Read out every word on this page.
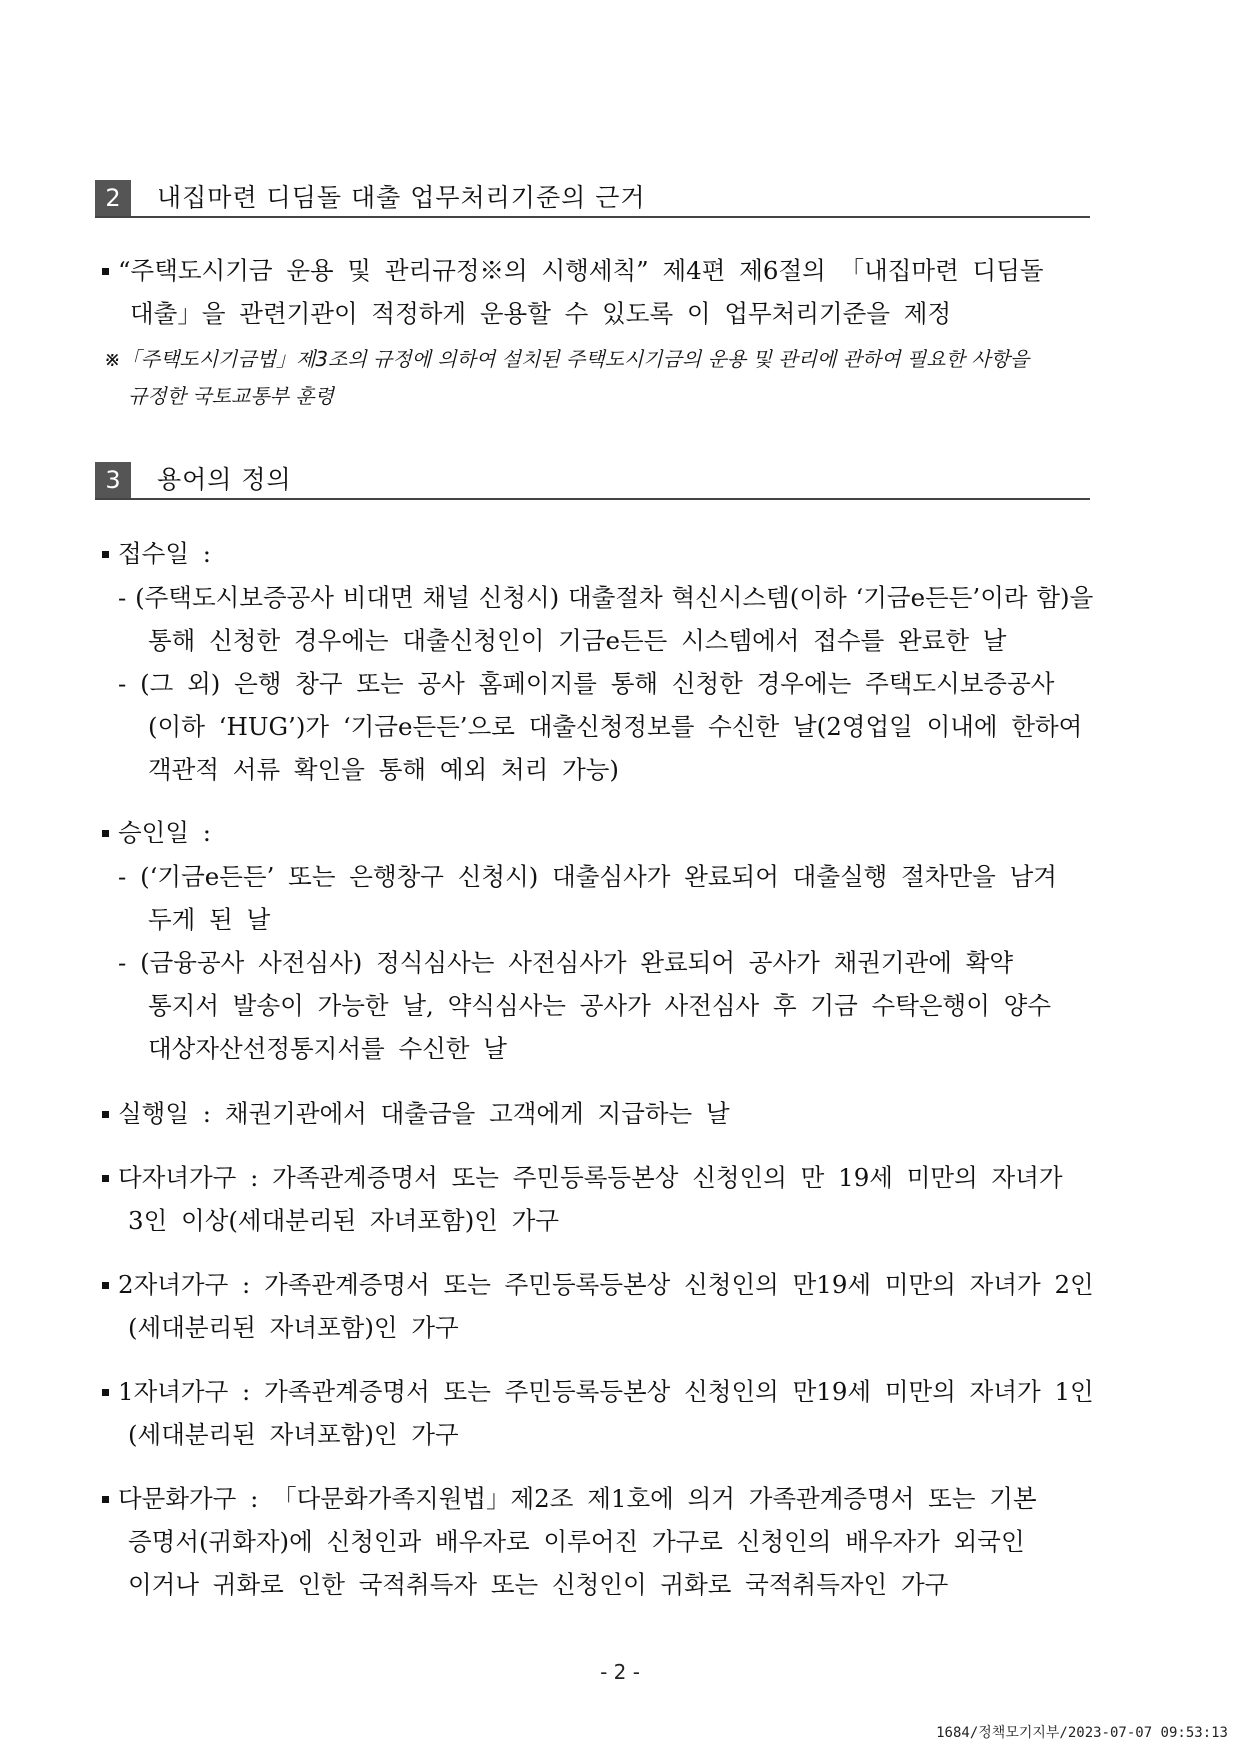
2	내집마련 디딤돌 대출 업무처리기준의 근거
“주택도시기금 운용 및 관리규정※의 시행세칙” 제4편 제6절의 「내집마련 디딤돌
대출」을 관련기관이 적정하게 운용할 수 있도록 이 업무처리기준을 제정
※「주택도시기금법」제3조의 규정에 의하여 설치된 주택도시기금의 운용 및 관리에 관하여 필요한 사항을
규정한 국토교통부 훈령
3	용어의 정의
접수일 :
- (주택도시보증공사 비대면 채널 신청시) 대출절차 혁신시스템(이하 ‘기금e든든’이라 함)을
통해 신청한 경우에는 대출신청인이 기금e든든 시스템에서 접수를 완료한 날
- (그 외) 은행 창구 또는 공사 홈페이지를 통해 신청한 경우에는 주택도시보증공사
(이하 ‘HUG’)가 ‘기금e든든’으로 대출신청정보를 수신한 날(2영업일 이내에 한하여
객관적 서류 확인을 통해 예외 처리 가능)
승인일 :
- (‘기금e든든’ 또는 은행창구 신청시) 대출심사가 완료되어 대출실행 절차만을 남겨
두게 된 날
- (금융공사 사전심사) 정식심사는 사전심사가 완료되어 공사가 채권기관에 확약
통지서 발송이 가능한 날, 약식심사는 공사가 사전심사 후 기금 수탁은행이 양수
대상자산선정통지서를 수신한 날
실행일 : 채권기관에서 대출금을 고객에게 지급하는 날
다자녀가구 : 가족관계증명서 또는 주민등록등본상 신청인의 만 19세 미만의 자녀가
3인 이상(세대분리된 자녀포함)인 가구
2자녀가구 : 가족관계증명서 또는 주민등록등본상 신청인의 만19세 미만의 자녀가 2인
(세대분리된 자녀포함)인 가구
1자녀가구 : 가족관계증명서 또는 주민등록등본상 신청인의 만19세 미만의 자녀가 1인
(세대분리된 자녀포함)인 가구
다문화가구 : 「다문화가족지원법」제2조 제1호에 의거 가족관계증명서 또는 기본
증명서(귀화자)에 신청인과 배우자로 이루어진 가구로 신청인의 배우자가 외국인
이거나 귀화로 인한 국적취득자 또는 신청인이 귀화로 국적취득자인 가구
- 2 -
1684/정책모기지부/2023-07-07 09:53:13
